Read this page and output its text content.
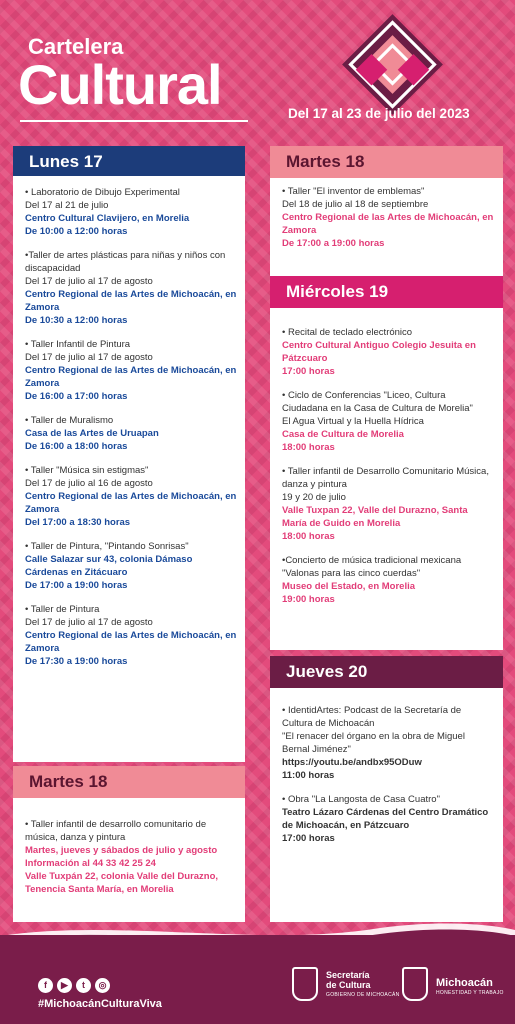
Cartelera
Cultural	Del 17 al 23 de julio del 2023
Lunes 17
• Laboratorio de Dibujo Experimental
Del 17 al 21 de julio
Centro Cultural Clavijero, en Morelia
De 10:00 a 12:00 horas
•Taller de artes plásticas para niñas y niños con discapacidad
Del 17 de julio al 17 de agosto
Centro Regional de las Artes de Michoacán, en Zamora
De 10:30 a 12:00 horas
• Taller Infantil de Pintura
Del 17 de julio al 17 de agosto
Centro Regional de las Artes de Michoacán, en Zamora
De 16:00 a 17:00 horas
• Taller de Muralismo
Casa de las Artes de Uruapan
De 16:00 a 18:00 horas
• Taller "Música sin estigmas"
Del 17 de julio al 16 de agosto
Centro Regional de las Artes de Michoacán, en Zamora
Del 17:00 a 18:30 horas
• Taller de Pintura, "Pintando Sonrisas"
Calle Salazar sur 43, colonia Dámaso Cárdenas en Zitácuaro
De 17:00 a 19:00 horas
• Taller de Pintura
Del 17 de julio al 17 de agosto
Centro Regional de las Artes de Michoacán, en Zamora
De 17:30 a 19:00 horas
Martes 18
• Taller infantil de desarrollo comunitario de música, danza y pintura
Martes, jueves y sábados de julio y agosto
Información al 44 33 42 25 24
Valle Tuxpán 22, colonia Valle del Durazno, Tenencia Santa María, en Morelia
Martes 18
• Taller "El inventor de emblemas"
Del 18 de julio al 18 de septiembre
Centro Regional de las Artes de Michoacán, en Zamora
De 17:00 a 19:00 horas
Miércoles 19
• Recital de teclado electrónico
Centro Cultural Antiguo Colegio Jesuita en Pátzcuaro
17:00 horas
• Ciclo de Conferencias "Liceo, Cultura Ciudadana en la Casa de Cultura de Morelia"
El Agua Virtual y la Huella Hídrica
Casa de Cultura de Morelia
18:00 horas
• Taller infantil de Desarrollo Comunitario Música, danza y pintura
19 y 20 de julio
Valle Tuxpan 22, Valle del Durazno, Santa María de Guido en Morelia
18:00 horas
•Concierto de música tradicional mexicana "Valonas para las cinco cuerdas"
Museo del Estado, en Morelia
19:00 horas
Jueves 20
• IdentidArtes: Podcast de la Secretaría de Cultura de Michoacán
"El renacer del órgano en la obra de Miguel Bernal Jiménez"
https://youtu.be/andbx95ODuw
11:00 horas
• Obra "La Langosta de Casa Cuatro"
Teatro Lázaro Cárdenas del Centro Dramático de Michoacán, en Pátzcuaro
17:00 horas
f	▶	t	◎
#MichoacánCulturaViva
Secretaría
de Cultura
GOBIERNO DE MICHOACÁN
Michoacán
HONESTIDAD Y TRABAJO
